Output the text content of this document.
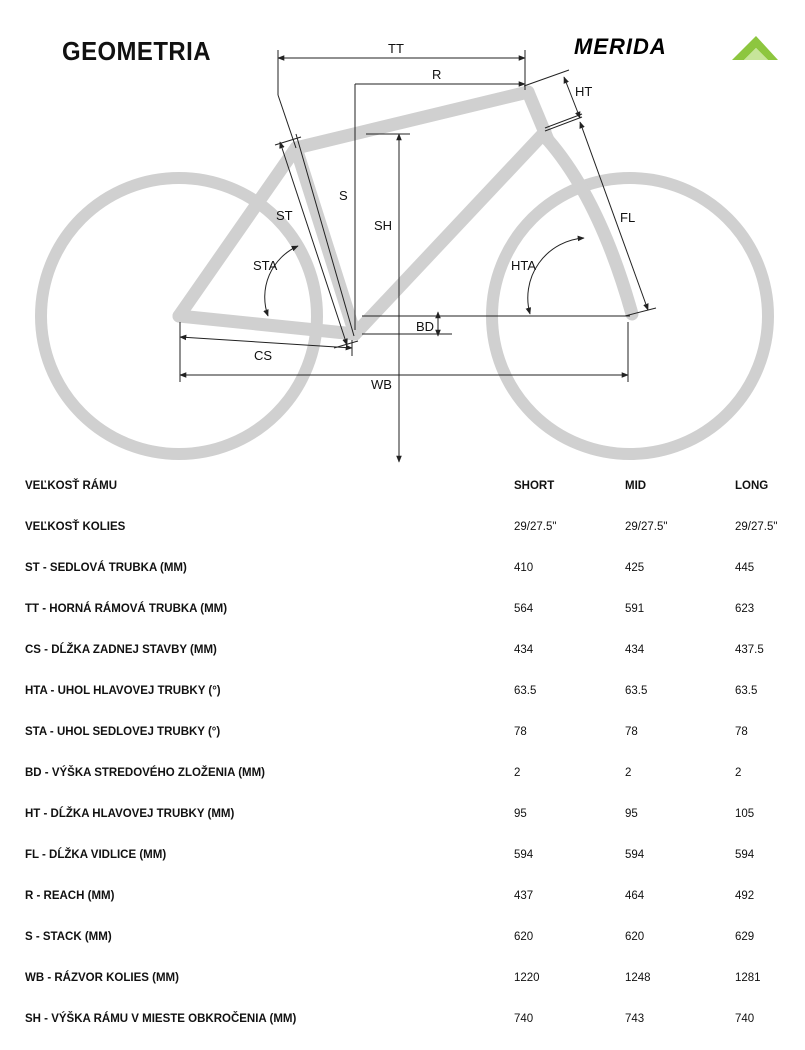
GEOMETRIA	MERIDA
TT
R
HT
S
ST
SH
STA	HTA
FL
BD
CS
WB
VEĽKOSŤ RÁMU	SHORT	MID	LONG
VEĽKOSŤ KOLIES	29/27.5"	29/27.5"	29/27.5"
ST - SEDLOVÁ TRUBKA (MM)	410	425	445
TT - HORNÁ RÁMOVÁ TRUBKA (MM)	564	591	623
CS - DĹŽKA ZADNEJ STAVBY (MM)	434	434	437.5
HTA - UHOL HLAVOVEJ TRUBKY (°)	63.5	63.5	63.5
STA - UHOL SEDLOVEJ TRUBKY (°)	78	78	78
BD - VÝŠKA STREDOVÉHO ZLOŽENIA (MM)	2	2	2
HT - DĹŽKA HLAVOVEJ TRUBKY (MM)	95	95	105
FL - DĹŽKA VIDLICE (MM)	594	594	594
R - REACH (MM)	437	464	492
S - STACK (MM)	620	620	629
WB - RÁZVOR KOLIES (MM)	1220	1248	1281
SH - VÝŠKA RÁMU V MIESTE OBKROČENIA (MM)	740	743	740
